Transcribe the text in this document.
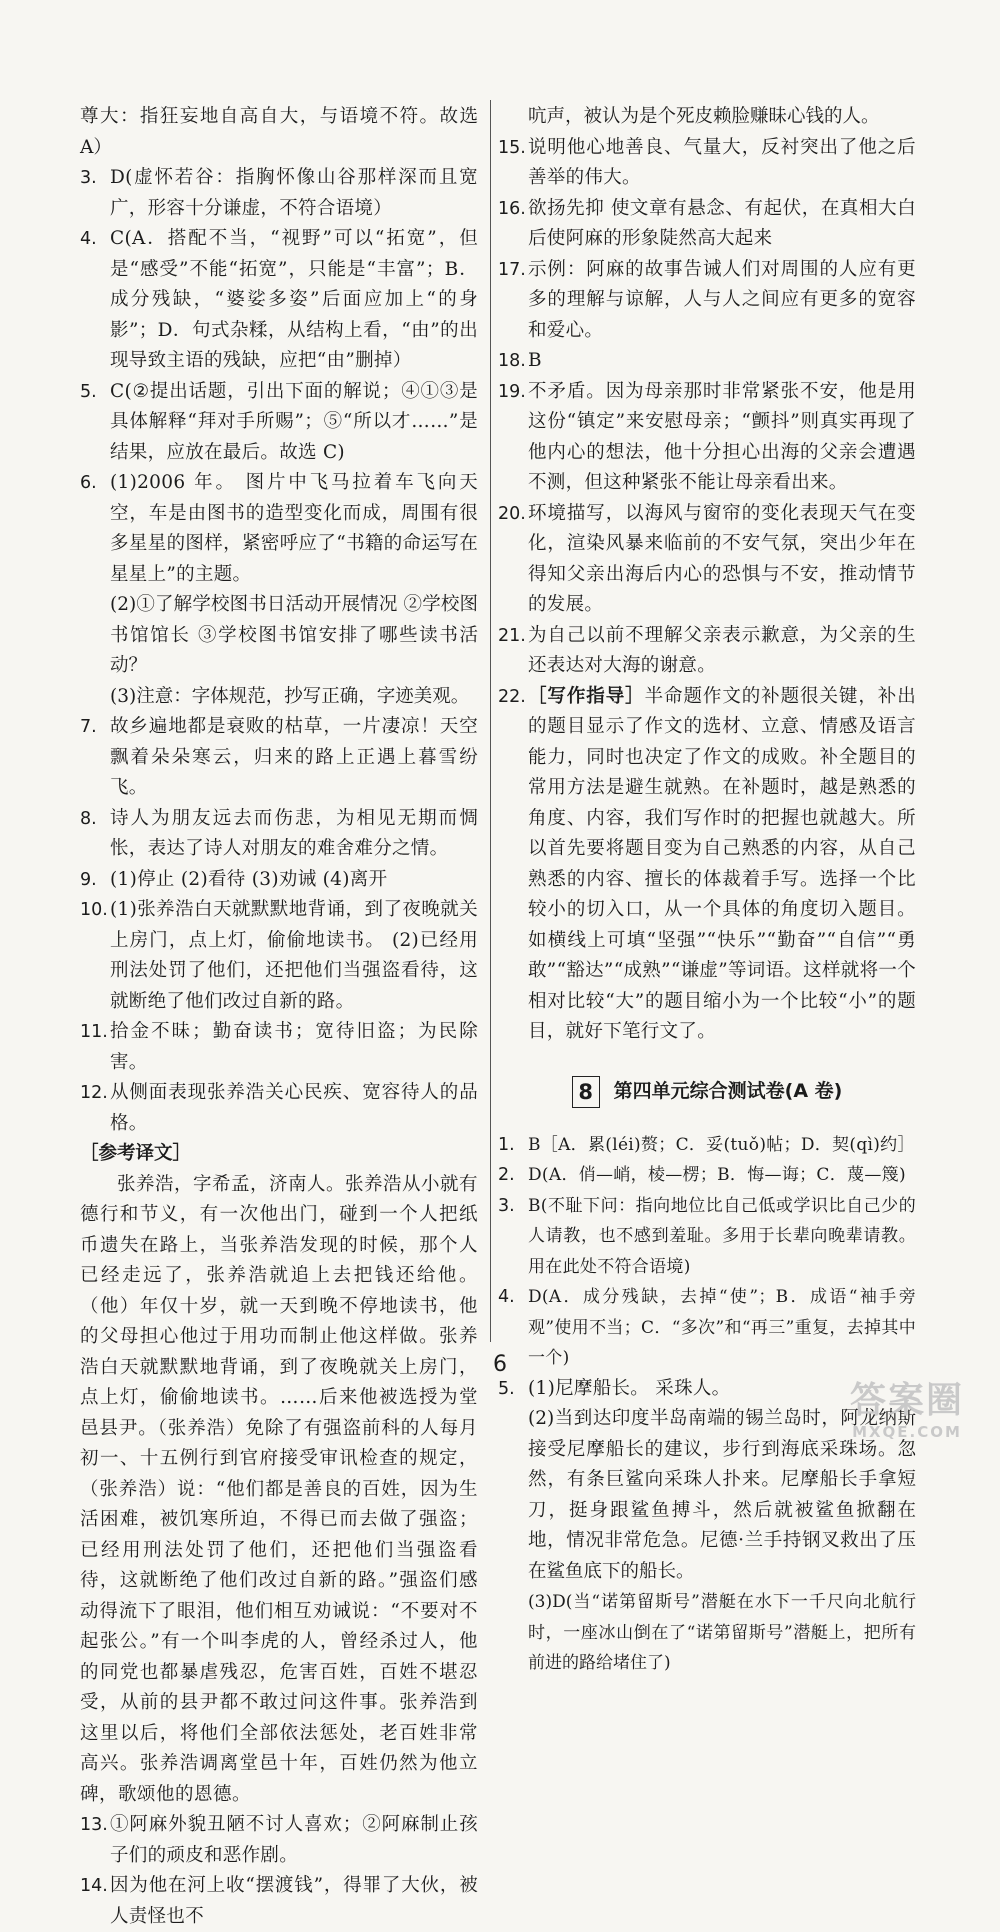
尊大：指狂妄地自高自大，与语境不符。故选 A）
3. D(虚怀若谷：指胸怀像山谷那样深而且宽广，形容十分谦虚，不符合语境）
4. C(A．搭配不当，“视野”可以“拓宽”，但是“感受”不能“拓宽”，只能是“丰富”；B．成分残缺，“婆娑多姿”后面应加上“的身影”；D．句式杂糅，从结构上看，“由”的出现导致主语的残缺，应把“由”删掉）
5. C(②提出话题，引出下面的解说；④①③是具体解释“拜对手所赐”；⑤“所以才……”是结果，应放在最后。故选 C)
6. (1)2006 年。 图片中飞马拉着车飞向天空，车是由图书的造型变化而成，周围有很多星星的图样，紧密呼应了“书籍的命运写在星星上”的主题。
(2)①了解学校图书日活动开展情况 ②学校图书馆馆长 ③学校图书馆安排了哪些读书活动？
(3)注意：字体规范，抄写正确，字迹美观。
7. 故乡遍地都是衰败的枯草，一片凄凉！天空飘着朵朵寒云，归来的路上正遇上暮雪纷飞。
8. 诗人为朋友远去而伤悲，为相见无期而惆怅，表达了诗人对朋友的难舍难分之情。
9. (1)停止 (2)看待 (3)劝诫 (4)离开
10. (1)张养浩白天就默默地背诵，到了夜晚就关上房门，点上灯，偷偷地读书。 (2)已经用刑法处罚了他们，还把他们当强盗看待，这就断绝了他们改过自新的路。
11. 拾金不昧；勤奋读书；宽待旧盗；为民除害。
12. 从侧面表现张养浩关心民疾、宽容待人的品格。
［参考译文］
张养浩，字希孟，济南人。张养浩从小就有德行和节义，有一次他出门，碰到一个人把纸币遗失在路上，当张养浩发现的时候，那个人已经走远了，张养浩就追上去把钱还给他。（他）年仅十岁，就一天到晚不停地读书，他的父母担心他过于用功而制止他这样做。张养浩白天就默默地背诵，到了夜晚就关上房门，点上灯，偷偷地读书。……后来他被选授为堂邑县尹。（张养浩）免除了有强盗前科的人每月初一、十五例行到官府接受审讯检查的规定，（张养浩）说：“他们都是善良的百姓，因为生活困难，被饥寒所迫，不得已而去做了强盗；已经用刑法处罚了他们，还把他们当强盗看待，这就断绝了他们改过自新的路。”强盗们感动得流下了眼泪，他们相互劝诫说：“不要对不起张公。”有一个叫李虎的人，曾经杀过人，他的同党也都暴虐残忍，危害百姓，百姓不堪忍受，从前的县尹都不敢过问这件事。张养浩到这里以后，将他们全部依法惩处，老百姓非常高兴。张养浩调离堂邑十年，百姓仍然为他立碑，歌颂他的恩德。
13. ①阿麻外貌丑陋不讨人喜欢；②阿麻制止孩子们的顽皮和恶作剧。
14. 因为他在河上收“摆渡钱”，得罪了大伙，被人责怪也不
吭声，被认为是个死皮赖脸赚昧心钱的人。
15. 说明他心地善良、气量大，反衬突出了他之后善举的伟大。
16. 欲扬先抑 使文章有悬念、有起伏，在真相大白后使阿麻的形象陡然高大起来
17. 示例：阿麻的故事告诫人们对周围的人应有更多的理解与谅解，人与人之间应有更多的宽容和爱心。
18. B
19. 不矛盾。因为母亲那时非常紧张不安，他是用这份“镇定”来安慰母亲；“颤抖”则真实再现了他内心的想法，他十分担心出海的父亲会遭遇不测，但这种紧张不能让母亲看出来。
20. 环境描写，以海风与窗帘的变化表现天气在变化，渲染风暴来临前的不安气氛，突出少年在得知父亲出海后内心的恐惧与不安，推动情节的发展。
21. 为自己以前不理解父亲表示歉意，为父亲的生还表达对大海的谢意。
22. ［写作指导］半命题作文的补题很关键，补出的题目显示了作文的选材、立意、情感及语言能力，同时也决定了作文的成败。补全题目的常用方法是避生就熟。在补题时，越是熟悉的角度、内容，我们写作时的把握也就越大。所以首先要将题目变为自己熟悉的内容，从自己熟悉的内容、擅长的体裁着手写。选择一个比较小的切入口，从一个具体的角度切入题目。如横线上可填“坚强”“快乐”“勤奋”“自信”“勇敢”“豁达”“成熟”“谦虚”等词语。这样就将一个相对比较“大”的题目缩小为一个比较“小”的题目，就好下笔行文了。
8	第四单元综合测试卷(A 卷)
1. B［A．累(léi)赘；C．妥(tuǒ)帖；D．契(qì)约］
2. D(A．俏—峭，棱—楞；B．悔—诲；C．蔑—篾)
3. B(不耻下问：指向地位比自己低或学识比自己少的人请教，也不感到羞耻。多用于长辈向晚辈请教。用在此处不符合语境)
4. D(A．成分残缺，去掉“使”；B．成语“袖手旁观”使用不当；C．“多次”和“再三”重复，去掉其中一个)
5. (1)尼摩船长。 采珠人。
(2)当到达印度半岛南端的锡兰岛时，阿龙纳斯接受尼摩船长的建议，步行到海底采珠场。忽然，有条巨鲨向采珠人扑来。尼摩船长手拿短刀，挺身跟鲨鱼搏斗，然后就被鲨鱼掀翻在地，情况非常危急。尼德·兰手持钢叉救出了压在鲨鱼底下的船长。
(3)D(当“诺第留斯号”潜艇在水下一千尺向北航行时，一座冰山倒在了“诺第留斯号”潜艇上，把所有前进的路给堵住了)
6
答案圈
MXQE.COM
